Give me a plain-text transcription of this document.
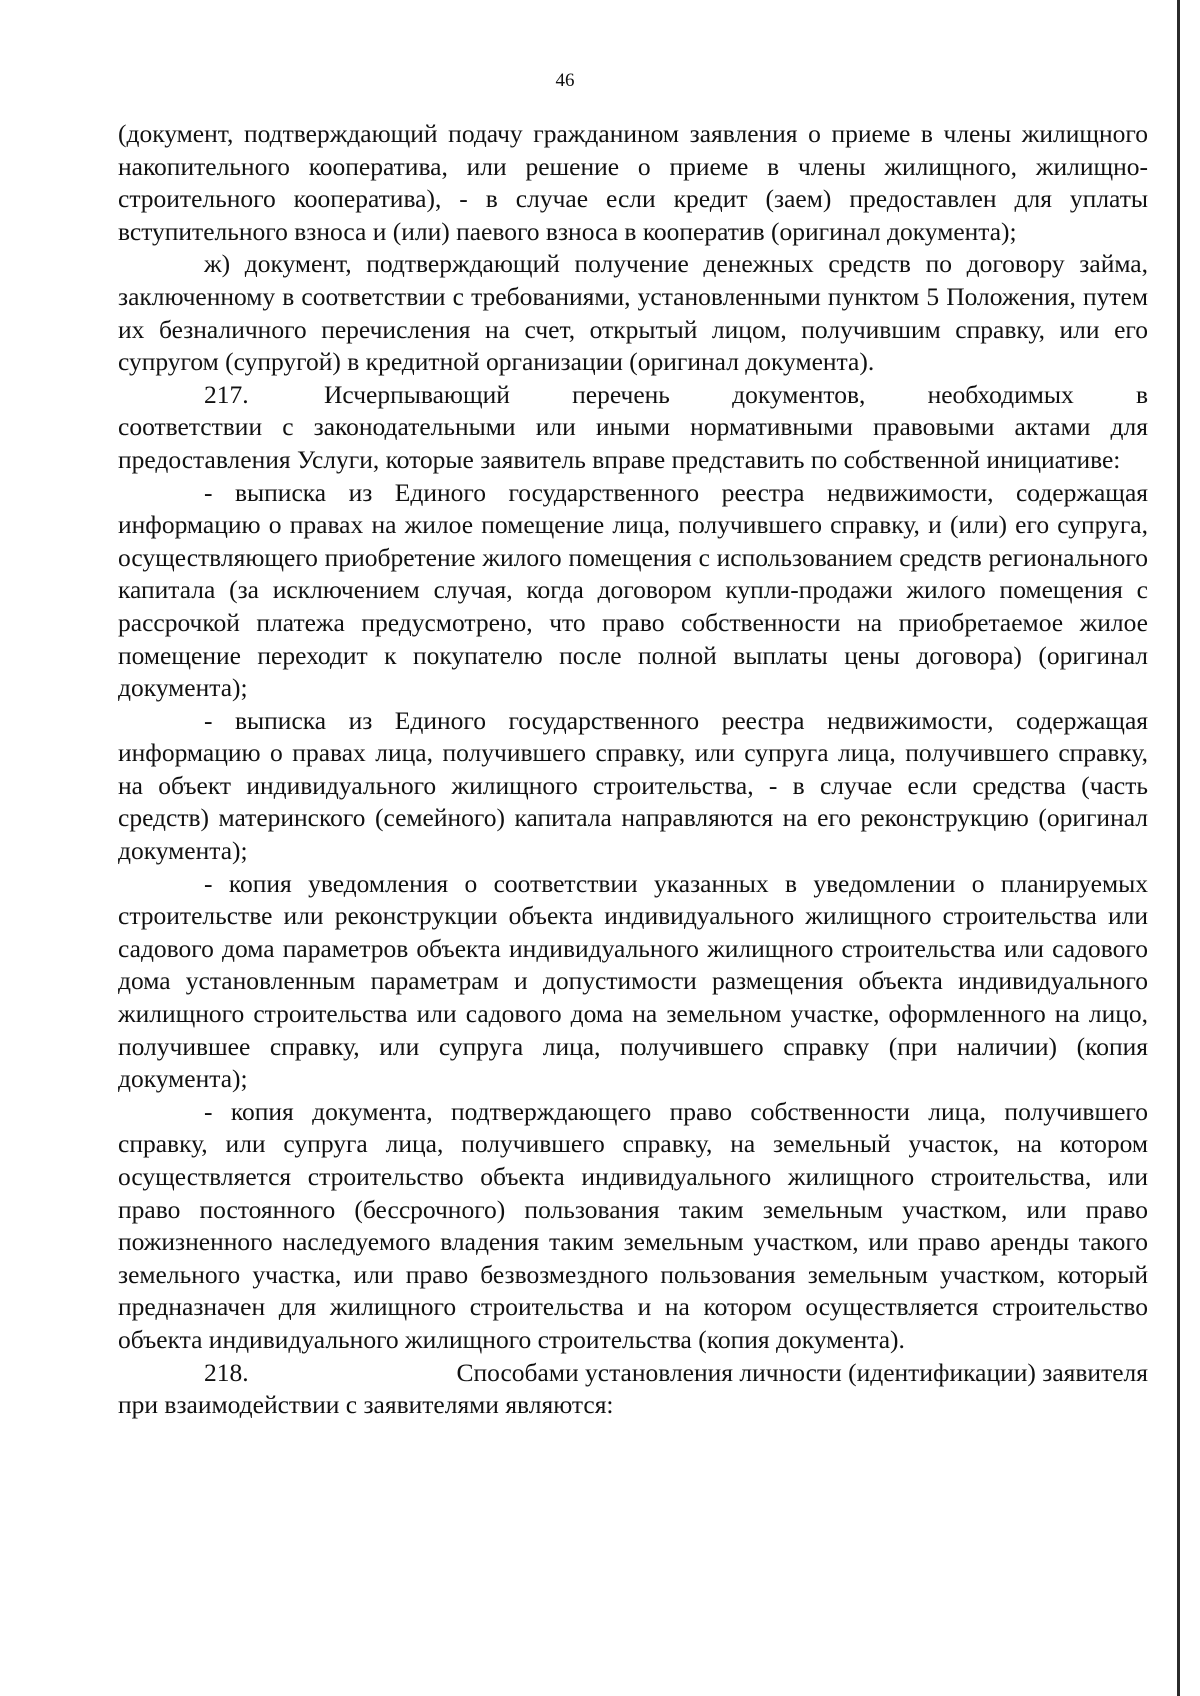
46

(документ, подтверждающий подачу гражданином заявления о приеме в члены жилищного накопительного кооператива, или решение о приеме в члены жилищного, жилищно-строительного кооператива), - в случае если кредит (заем) предоставлен для уплаты вступительного взноса и (или) паевого взноса в кооператив (оригинал документа);

ж) документ, подтверждающий получение денежных средств по договору займа, заключенному в соответствии с требованиями, установленными пунктом 5 Положения, путем их безналичного перечисления на счет, открытый лицом, получившим справку, или его супругом (супругой) в кредитной организации (оригинал документа).

217.	Исчерпывающий перечень документов, необходимых в

соответствии с законодательными или иными нормативными правовыми актами для предоставления Услуги, которые заявитель вправе представить по собственной инициативе:

- выписка из Единого государственного реестра недвижимости, содержащая информацию о правах на жилое помещение лица, получившего справку, и (или) его супруга, осуществляющего приобретение жилого помещения с использованием средств регионального капитала (за исключением случая, когда договором купли-продажи жилого помещения с рассрочкой платежа предусмотрено, что право собственности на приобретаемое жилое помещение переходит к покупателю после полной выплаты цены договора) (оригинал документа);

- выписка из Единого государственного реестра недвижимости, содержащая информацию о правах лица, получившего справку, или супруга лица, получившего справку, на объект индивидуального жилищного строительства, - в случае если средства (часть средств) материнского (семейного) капитала направляются на его реконструкцию (оригинал документа);

- копия уведомления о соответствии указанных в уведомлении о планируемых строительстве или реконструкции объекта индивидуального жилищного строительства или садового дома параметров объекта индивидуального жилищного строительства или садового дома установленным параметрам и допустимости размещения объекта индивидуального жилищного строительства или садового дома на земельном участке, оформленного на лицо, получившее справку, или супруга лица, получившего справку (при наличии) (копия документа);

- копия документа, подтверждающего право собственности лица, получившего справку, или супруга лица, получившего справку, на земельный участок, на котором осуществляется строительство объекта индивидуального жилищного строительства, или право постоянного (бессрочного) пользования таким земельным участком, или право пожизненного наследуемого владения таким земельным участком, или право аренды такого земельного участка, или право безвозмездного пользования земельным участком, который предназначен для жилищного строительства и на котором осуществляется строительство объекта индивидуального жилищного строительства (копия документа).

218.	Способами установления личности (идентификации) заявителя

при взаимодействии с заявителями являются:
